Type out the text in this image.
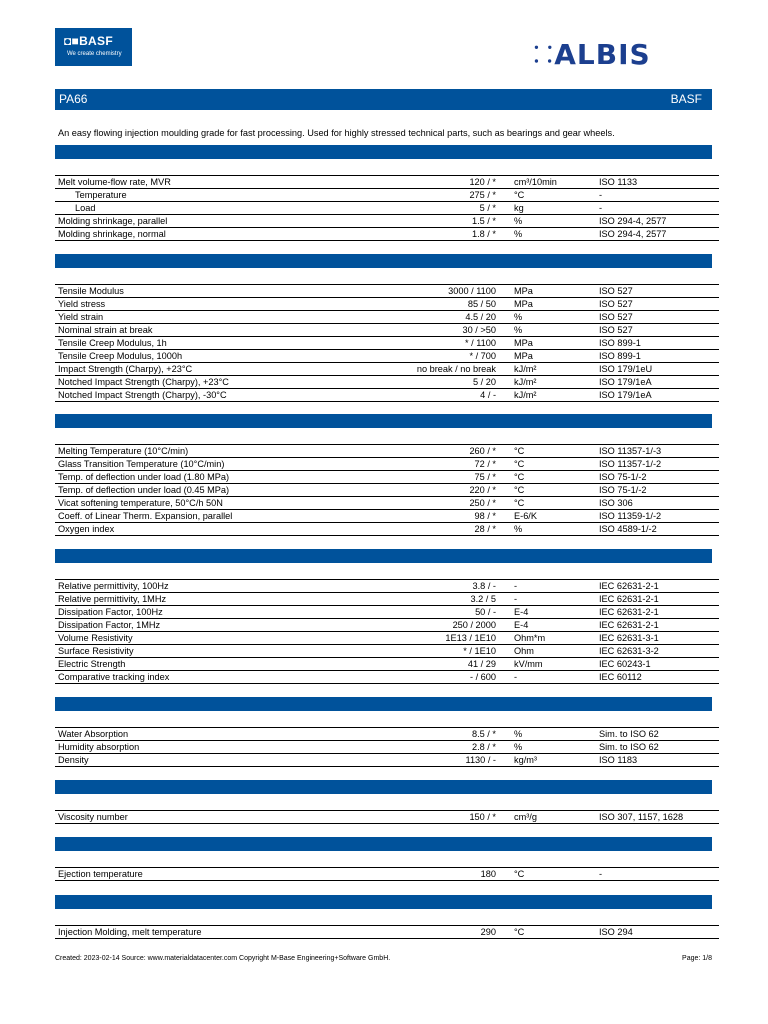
◘■BASF
We create chemistry	⸬ALBIS
PA66	BASF
An easy flowing injection moulding grade for fast processing. Used for highly stressed technical parts, such as bearings and gear wheels.
Melt volume-flow rate, MVR	120 / *	cm³/10min	ISO 1133
Temperature	275 / *	°C	-
Load	5 / *	kg	-
Molding shrinkage, parallel	1.5 / *	%	ISO 294-4, 2577
Molding shrinkage, normal	1.8 / *	%	ISO 294-4, 2577
Tensile Modulus	3000 / 1100	MPa	ISO 527
Yield stress	85 / 50	MPa	ISO 527
Yield strain	4.5 / 20	%	ISO 527
Nominal strain at break	30 / >50	%	ISO 527
Tensile Creep Modulus, 1h	* / 1100	MPa	ISO 899-1
Tensile Creep Modulus, 1000h	* / 700	MPa	ISO 899-1
Impact Strength (Charpy), +23°C	no break / no break	kJ/m²	ISO 179/1eU
Notched Impact Strength (Charpy), +23°C	5 / 20	kJ/m²	ISO 179/1eA
Notched Impact Strength (Charpy), -30°C	4 / -	kJ/m²	ISO 179/1eA
Melting Temperature (10°C/min)	260 / *	°C	ISO 11357-1/-3
Glass Transition Temperature (10°C/min)	72 / *	°C	ISO 11357-1/-2
Temp. of deflection under load (1.80 MPa)	75 / *	°C	ISO 75-1/-2
Temp. of deflection under load (0.45 MPa)	220 / *	°C	ISO 75-1/-2
Vicat softening temperature, 50°C/h 50N	250 / *	°C	ISO 306
Coeff. of Linear Therm. Expansion, parallel	98 / *	E-6/K	ISO 11359-1/-2
Oxygen index	28 / *	%	ISO 4589-1/-2
Relative permittivity, 100Hz	3.8 / -	-	IEC 62631-2-1
Relative permittivity, 1MHz	3.2 / 5	-	IEC 62631-2-1
Dissipation Factor, 100Hz	50 / -	E-4	IEC 62631-2-1
Dissipation Factor, 1MHz	250 / 2000	E-4	IEC 62631-2-1
Volume Resistivity	1E13 / 1E10	Ohm*m	IEC 62631-3-1
Surface Resistivity	* / 1E10	Ohm	IEC 62631-3-2
Electric Strength	41 / 29	kV/mm	IEC 60243-1
Comparative tracking index	- / 600	-	IEC 60112
Water Absorption	8.5 / *	%	Sim. to ISO 62
Humidity absorption	2.8 / *	%	Sim. to ISO 62
Density	1130 / -	kg/m³	ISO 1183
Viscosity number	150 / *	cm³/g	ISO 307, 1157, 1628
Ejection temperature	180	°C	-
Injection Molding, melt temperature	290	°C	ISO 294
Created: 2023-02-14 Source: www.materialdatacenter.com Copyright M-Base Engineering+Software GmbH.	Page: 1/8
